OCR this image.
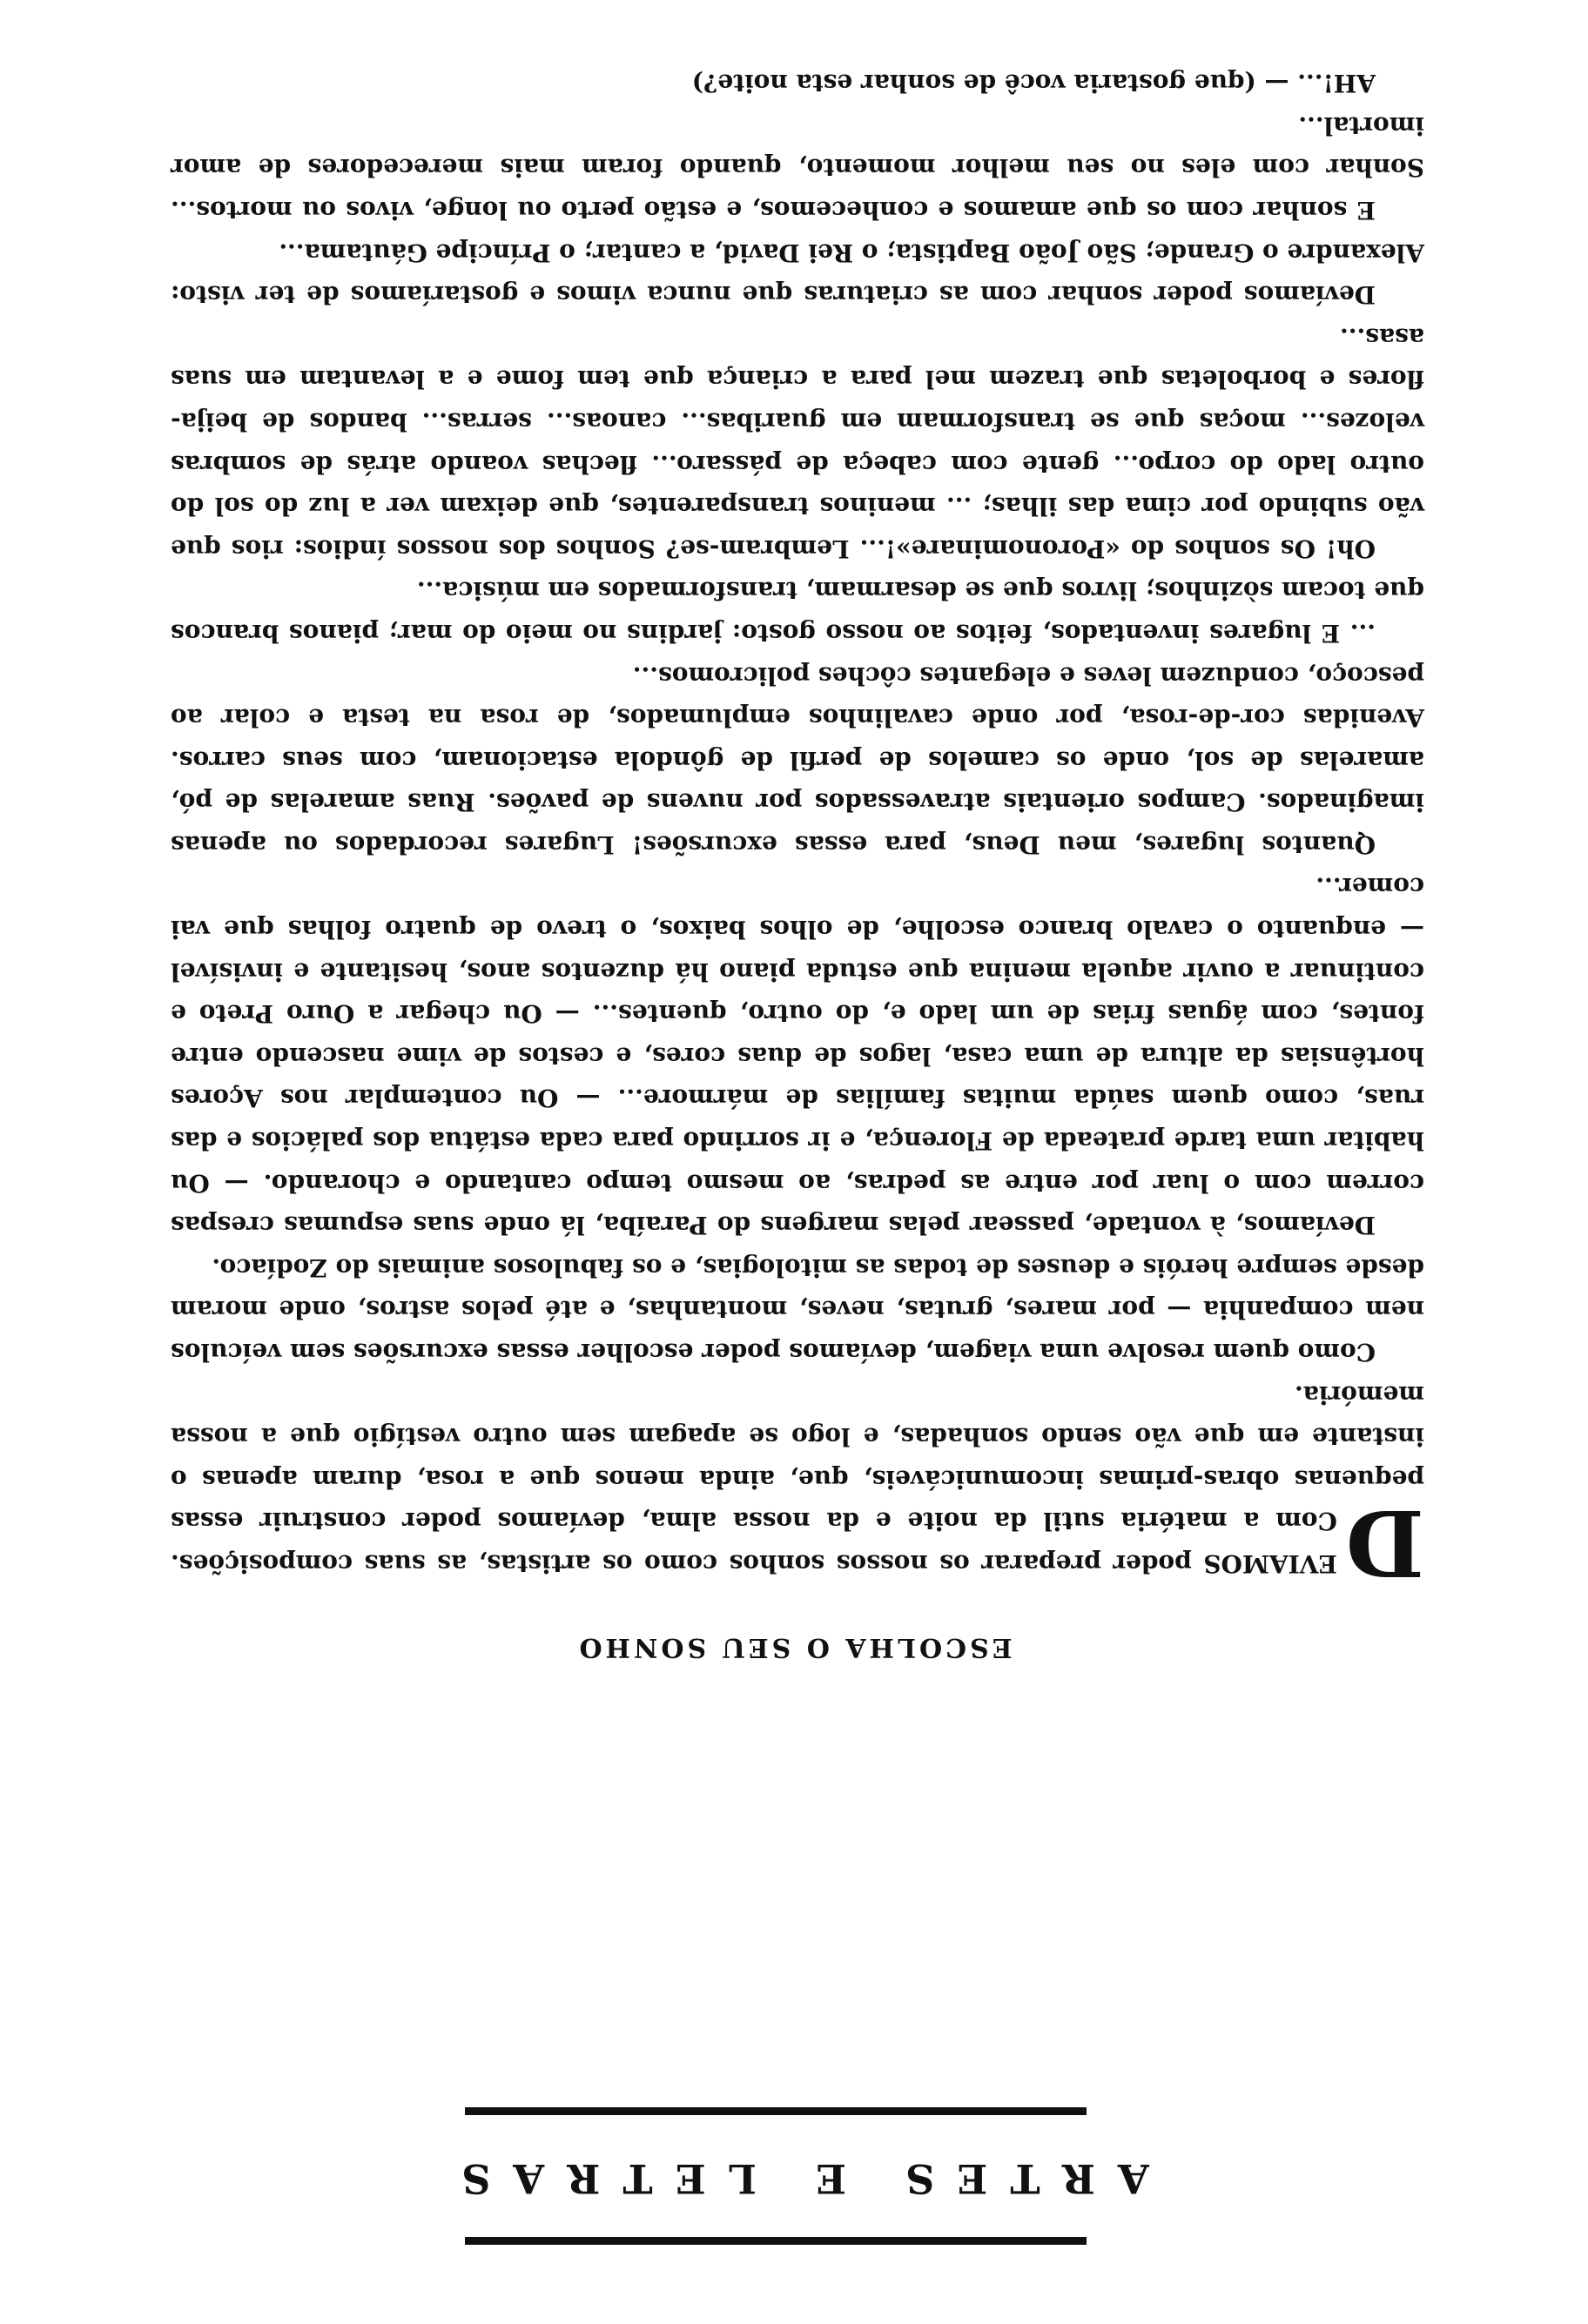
ARTES E LETRAS
ESCOLHA O SEU SONHO

D
EVIAMOS poder preparar os nossos sonhos como os artistas, as suas composições. Com a matéria sutil da noite e da nossa alma, devíamos poder construir essas pequenas obras-primas incomunicáveis, que, ainda menos que a rosa, duram apenas o instante em que vão sendo sonhadas, e logo se apagam sem outro vestígio que a nossa memória.

Como quem resolve uma viagem, devíamos poder escolher essas excursões sem veículos nem companhia — por mares, grutas, neves, montanhas, e até pelos astros, onde moram desde sempre heróis e deuses de todas as mitologias, e os fabulosos animais do Zodíaco.

Devíamos, à vontade, passear pelas margens do Paraíba, lá onde suas espumas crespas correm com o luar por entre as pedras, ao mesmo tempo cantando e chorando. — Ou habitar uma tarde prateada de Florença, e ir sorrindo para cada estátua dos palácios e das ruas, como quem saúda muitas famílias de mármore... — Ou contemplar nos Açores hortênsias da altura de uma casa, lagos de duas cores, e cestos de vime nascendo entre fontes, com águas frias de um lado e, do outro, quentes... — Ou chegar a Ouro Preto e continuar a ouvir aquela menina que estuda piano há duzentos anos, hesitante e invisível — enquanto o cavalo branco escolhe, de olhos baixos, o trevo de quatro folhas que vai comer...

Quantos lugares, meu Deus, para essas excursões! Lugares recordados ou apenas imaginados. Campos orientais atravessados por nuvens de pavões. Ruas amarelas de pó, amarelas de sol, onde os camelos de perfil de gôndola estacionam, com seus carros. Avenidas cor-de-rosa, por onde cavalinhos emplumados, de rosa na testa e colar ao pescoço, conduzem leves e elegantes côches policromos...

... E lugares inventados, feitos ao nosso gosto: jardins no meio do mar; pianos brancos que tocam sòzinhos; livros que se desarmam, transformados em música...

Oh! Os sonhos do «Poronominare»!... Lembram-se? Sonhos dos nossos índios: rios que vão subindo por cima das ilhas; ... meninos transparentes, que deixam ver a luz do sol do outro lado do corpo... gente com cabeça de pássaro... flechas voando atrás de sombras velozes... moças que se transformam em guaribas... canoas... serras... bandos de beija-flores e borboletas que trazem mel para a criança que tem fome e a levantam em suas asas...

Devíamos poder sonhar com as criaturas que nunca vimos e gostaríamos de ter visto: Alexandre o Grande; São João Baptista; o Rei David, a cantar; o Príncipe Gáutama...

E sonhar com os que amamos e conhecemos, e estão perto ou longe, vivos ou mortos... Sonhar com eles no seu melhor momento, quando foram mais merecedores de amor imortal...

AH!... — (que gostaria você de sonhar esta noite?)
